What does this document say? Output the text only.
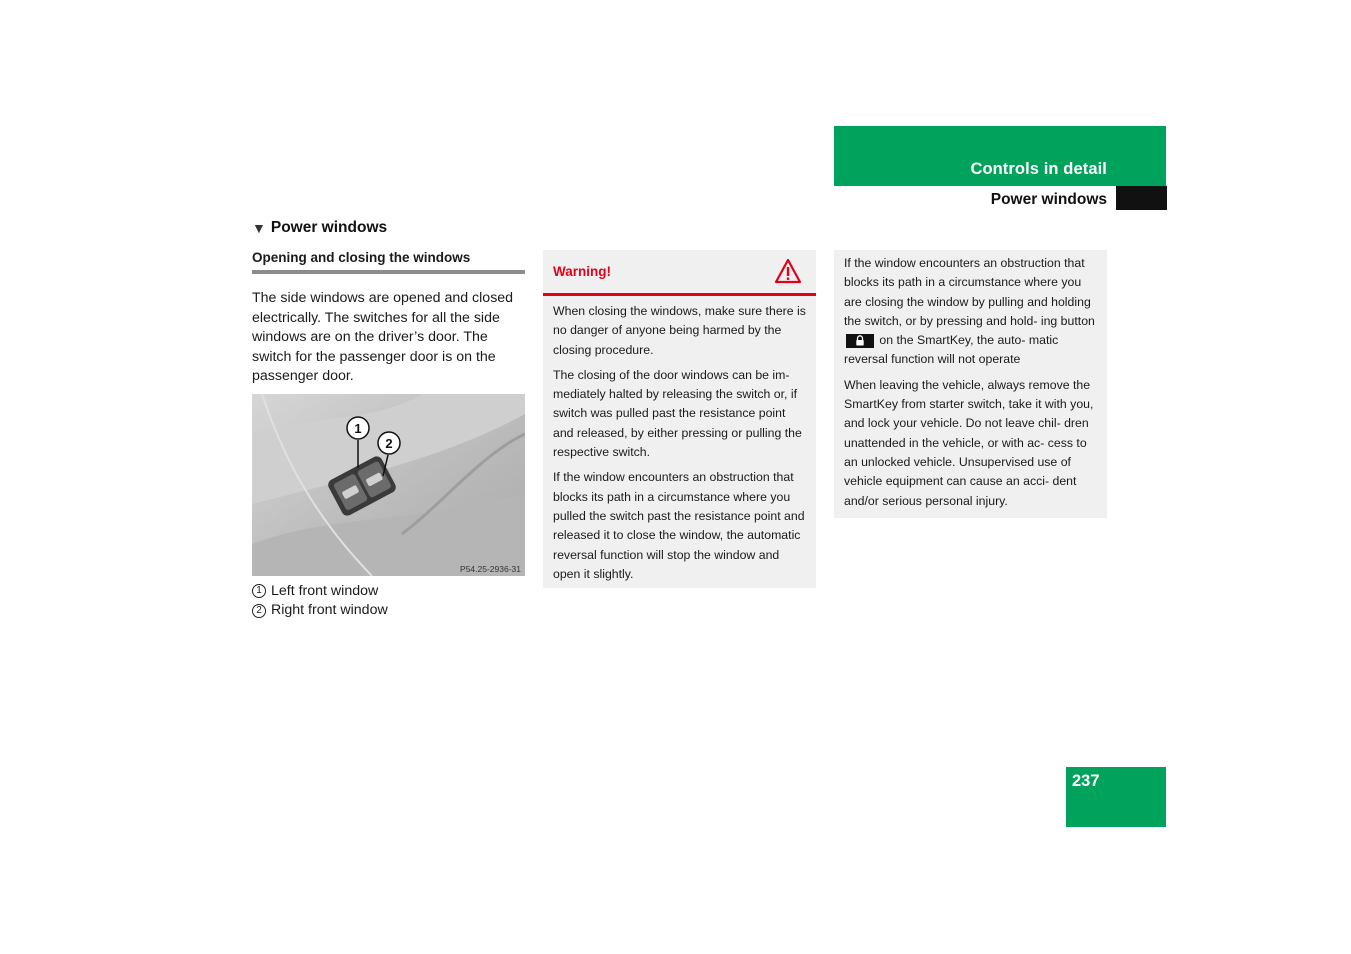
Controls in detail
Power windows
▼ Power windows
Opening and closing the windows
The side windows are opened and closed electrically. The switches for all the side windows are on the driver’s door. The switch for the passenger door is on the passenger door.
1
2
P54.25-2936-31
1 Left front window
2 Right front window
Warning!

When closing the windows, make sure there is no danger of anyone being harmed by the closing procedure.

The closing of the door windows can be im- mediately halted by releasing the switch or, if switch was pulled past the resistance point and released, by either pressing or pulling the respective switch.

If the window encounters an obstruction that blocks its path in a circumstance where you pulled the switch past the resistance point and released it to close the window, the automatic reversal function will stop the window and open it slightly.

If the window encounters an obstruction that blocks its path in a circumstance where you are closing the window by pulling and holding the switch, or by pressing and hold- ing button
on the SmartKey, the auto- matic reversal function will not operate

When leaving the vehicle, always remove the SmartKey from starter switch, take it with you, and lock your vehicle. Do not leave chil- dren unattended in the vehicle, or with ac- cess to an unlocked vehicle. Unsupervised use of vehicle equipment can cause an acci- dent and/or serious personal injury.

237
